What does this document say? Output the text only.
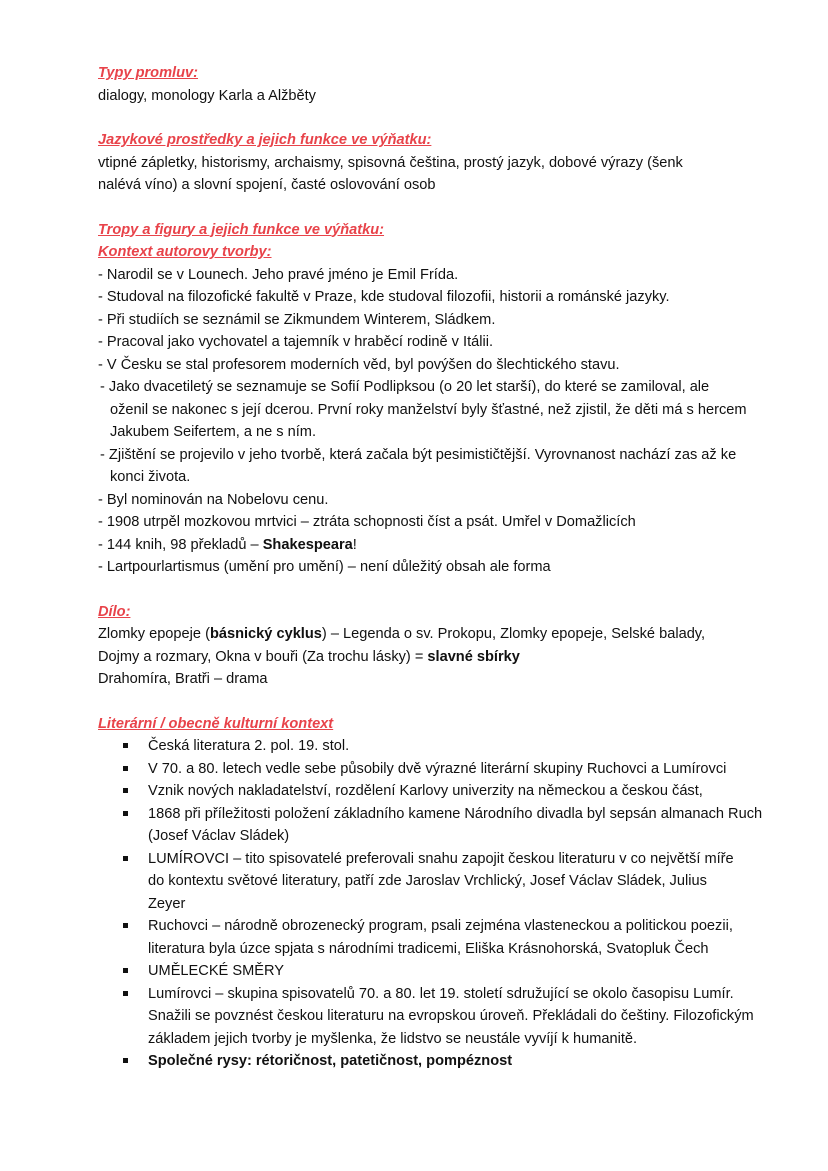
Typy promluv:
dialogy, monology Karla a Alžběty
Jazykové prostředky a jejich funkce ve výňatku:
vtipné zápletky, historismy, archaismy, spisovná čeština, prostý jazyk, dobové výrazy (šenk
nalévá víno) a slovní spojení, časté oslovování osob
Tropy a figury a jejich funkce ve výňatku:
Kontext autorovy tvorby:
- Narodil se v Lounech. Jeho pravé jméno je Emil Frída.
- Studoval na filozofické fakultě v Praze, kde studoval filozofii, historii a románské jazyky.
- Při studiích se seznámil se Zikmundem Winterem, Sládkem.
- Pracoval jako vychovatel a tajemník v hraběcí rodině v Itálii.
- V Česku se stal profesorem moderních věd, byl povýšen do šlechtického stavu.
- Jako dvacetiletý se seznamuje se Sofií Podlipksou (o 20 let starší), do které se zamiloval, ale oženil se nakonec s její dcerou. První roky manželství byly šťastné, než zjistil, že děti má s hercem Jakubem Seifertem, a ne s ním.
- Zjištění se projevilo v jeho tvorbě, která začala být pesimističtější. Vyrovnanost nachází zas až ke konci života.
- Byl nominován na Nobelovu cenu.
- 1908 utrpěl mozkovou mrtvici – ztráta schopnosti číst a psát. Umřel v Domažlicích
- 144 knih, 98 překladů – Shakespeara!
- Lartpourlartismus (umění pro umění) – není důležitý obsah ale forma
Dílo:
Zlomky epopeje (básnický cyklus) – Legenda o sv. Prokopu, Zlomky epopeje, Selské balady,
Dojmy a rozmary, Okna v bouři (Za trochu lásky) = slavné sbírky
Drahomíra, Bratři – drama
Literární / obecně kulturní kontext
Česká literatura 2. pol. 19. stol.
V 70. a 80. letech vedle sebe působily dvě výrazné literární skupiny Ruchovci a Lumírovci
Vznik nových nakladatelství, rozdělení Karlovy univerzity na německou a českou část,
1868 při příležitosti položení základního kamene Národního divadla byl sepsán almanach Ruch (Josef Václav Sládek)
LUMÍROVCI – tito spisovatelé preferovali snahu zapojit českou literaturu v co největší míře do kontextu světové literatury, patří zde Jaroslav Vrchlický, Josef Václav Sládek, Julius Zeyer
Ruchovci – národně obrozenecký program, psali zejména vlasteneckou a politickou poezii, literatura byla úzce spjata s národními tradicemi, Eliška Krásnohorská, Svatopluk Čech
UMĚLECKÉ SMĚRY
Lumírovci – skupina spisovatelů 70. a 80. let 19. století sdružující se okolo časopisu Lumír. Snažili se povznést českou literaturu na evropskou úroveň. Překládali do češtiny. Filozofickým základem jejich tvorby je myšlenka, že lidstvo se neustále vyvíjí k humanitě.
Společné rysy: rétoričnost, patetičnost, pompéznost
